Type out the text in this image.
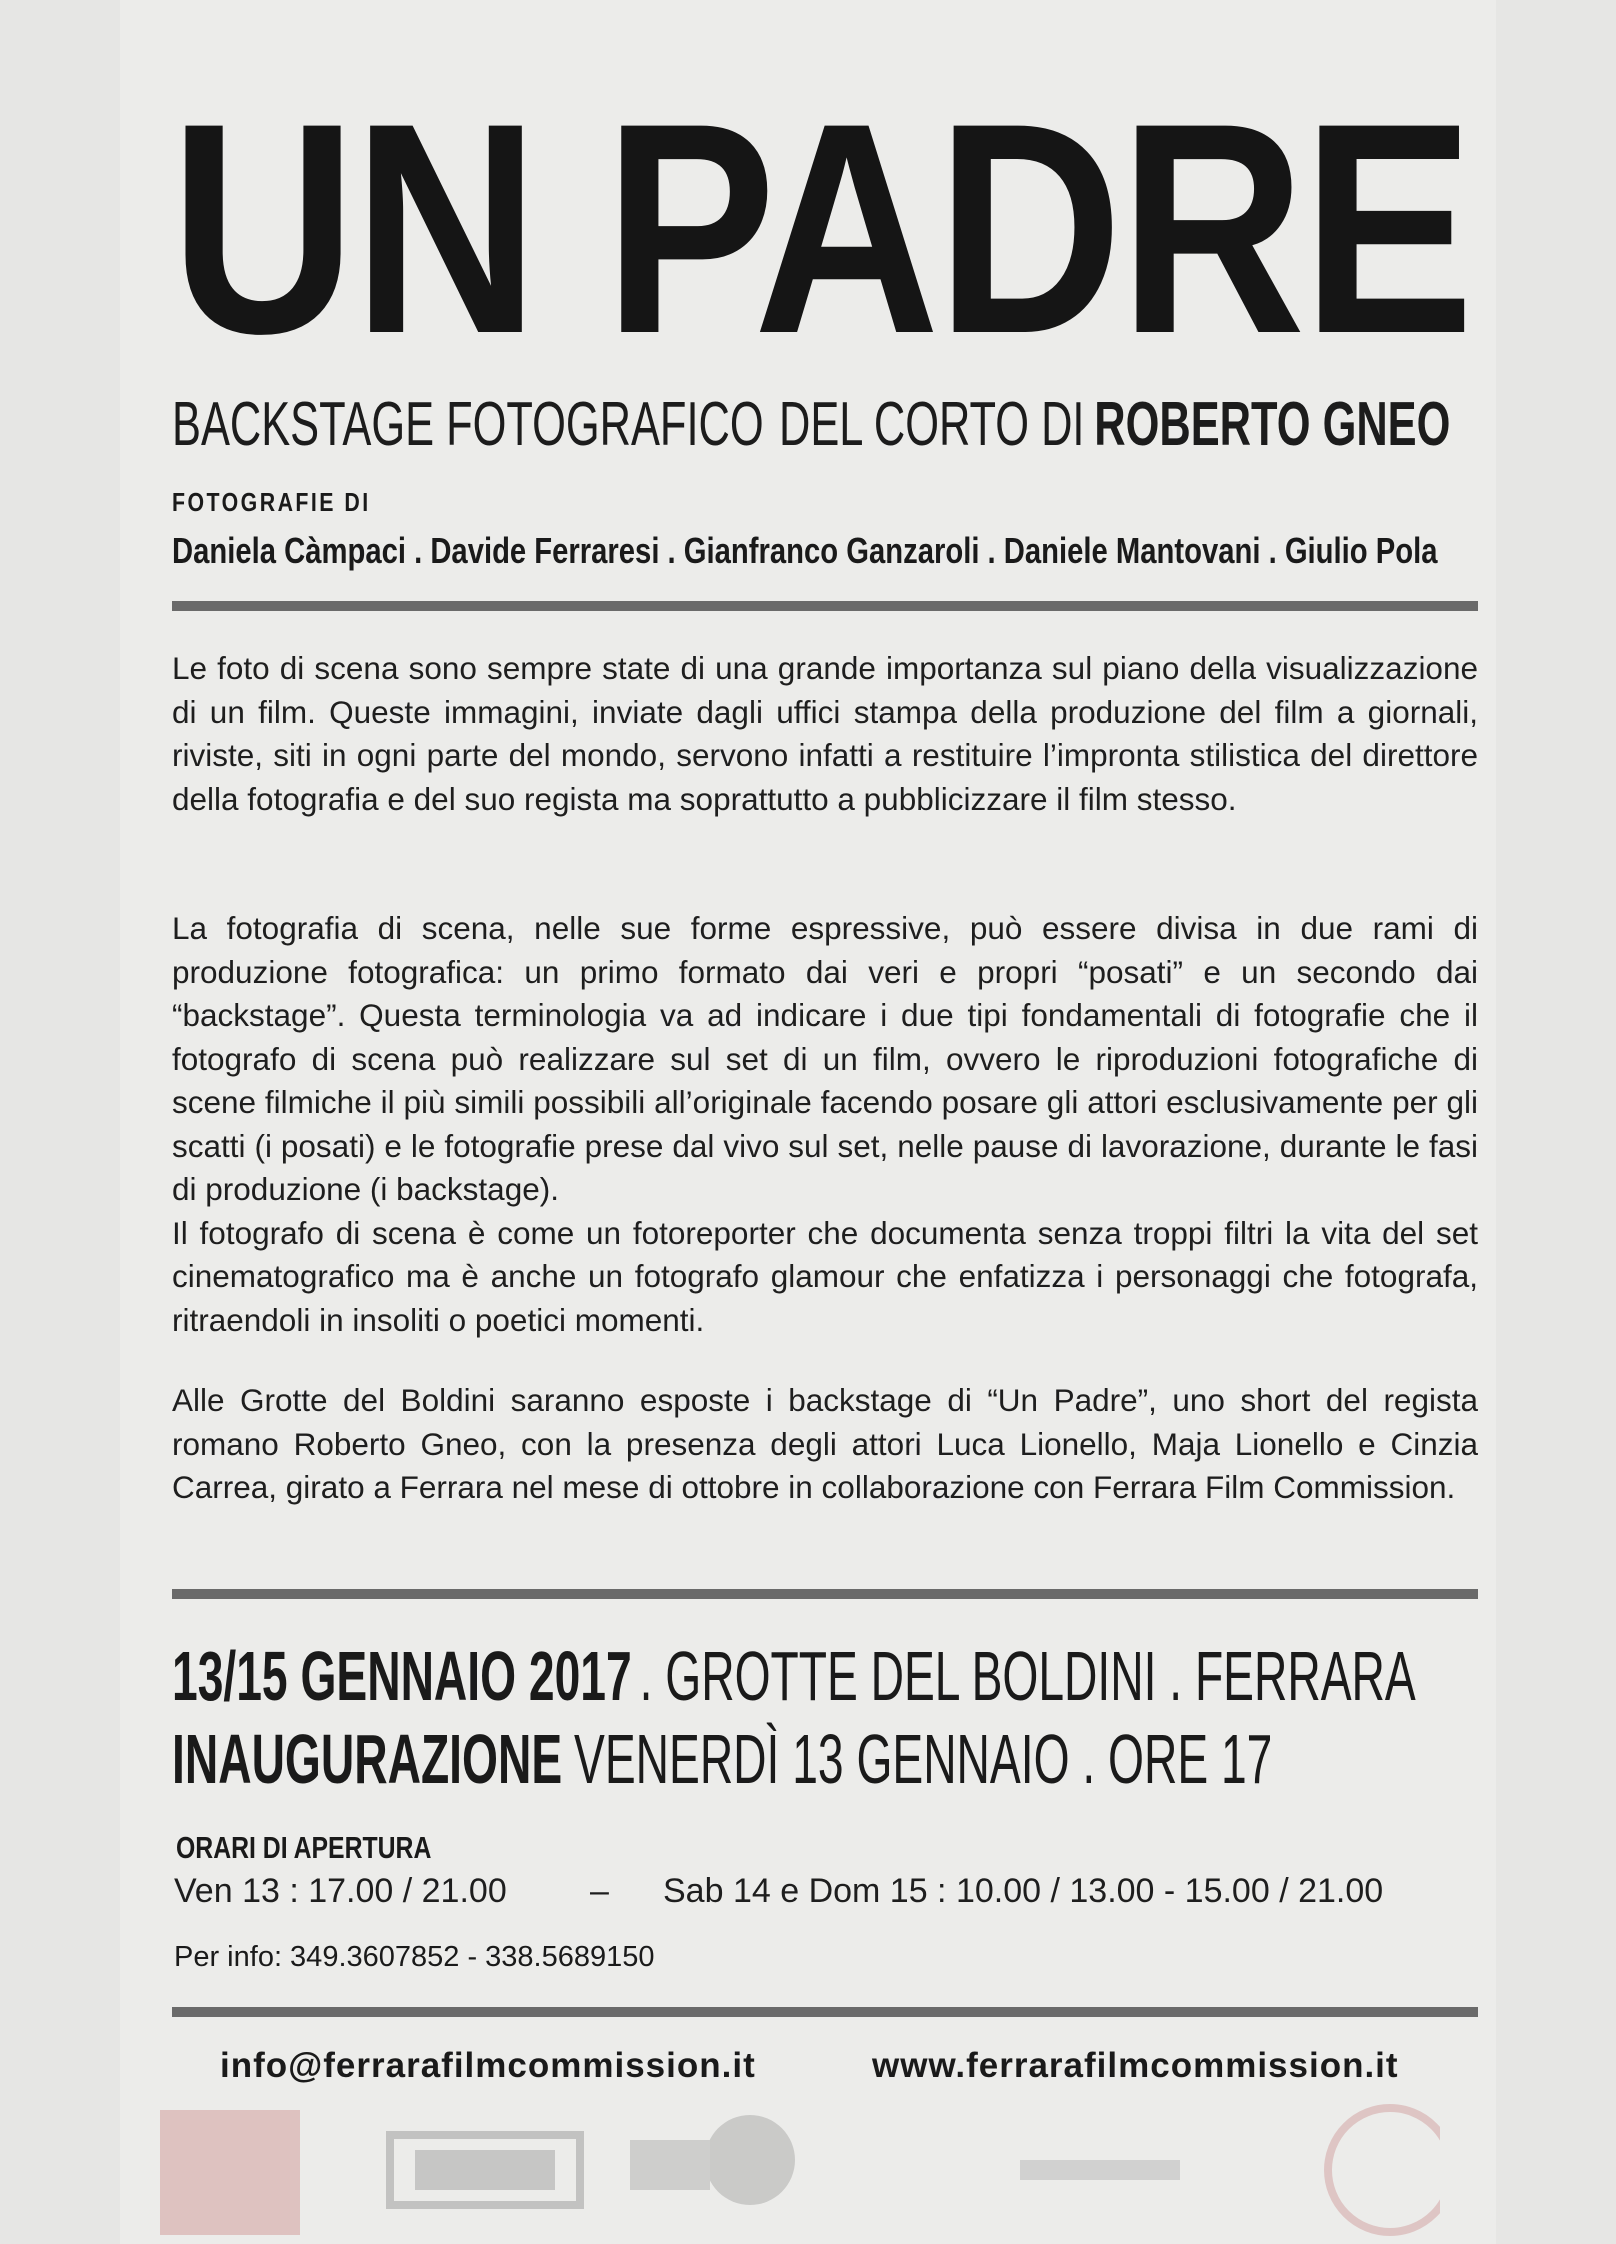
UN PADRE
BACKSTAGE FOTOGRAFICO DEL CORTO DI ROBERTO GNEO
FOTOGRAFIE DI
Daniela Càmpaci . Davide Ferraresi . Gianfranco Ganzaroli . Daniele Mantovani . Giulio Pola
Le foto di scena sono sempre state di una grande importanza sul piano della visualizzazione di un film. Queste immagini, inviate dagli uffici stampa della produzione del film a giornali, riviste, siti in ogni parte del mondo, servono infatti a restituire l’impronta stilistica del direttore della fotografia e del suo regista ma soprattutto a pubblicizzare il film stesso.
La fotografia di scena, nelle sue forme espressive, può essere divisa in due rami di produzione fotografica: un primo formato dai veri e propri “posati” e un secondo dai “backstage”. Questa terminologia va ad indicare i due tipi fondamentali di fotografie che il fotografo di scena può realizzare sul set di un film, ovvero le riproduzioni fotografiche di scene filmiche il più simili possibili all’originale facendo posare gli attori esclusivamente per gli scatti (i posati) e le fotografie prese dal vivo sul set, nelle pause di lavorazione, durante le fasi di produzione (i backstage).
Il fotografo di scena è come un fotoreporter che documenta senza troppi filtri la vita del set cinematografico ma è anche un fotografo glamour che enfatizza i personaggi che fotografa, ritraendoli in insoliti o poetici momenti.
Alle Grotte del Boldini saranno esposte i backstage di “Un Padre”, uno short del regista romano Roberto Gneo, con la presenza degli attori Luca Lionello, Maja Lionello e Cinzia Carrea, girato a Ferrara nel mese di ottobre in collaborazione con Ferrara Film Commission.
13/15 GENNAIO 2017 . GROTTE DEL BOLDINI . FERRARA
INAUGURAZIONE VENERDÌ 13 GENNAIO . ORE 17
ORARI DI APERTURA
Ven 13 : 17.00 / 21.00 – Sab 14 e Dom 15 : 10.00 / 13.00 - 15.00 / 21.00
Per info: 349.3607852 - 338.5689150
info@ferrarafilmcommission.it	www.ferrarafilmcommission.it
